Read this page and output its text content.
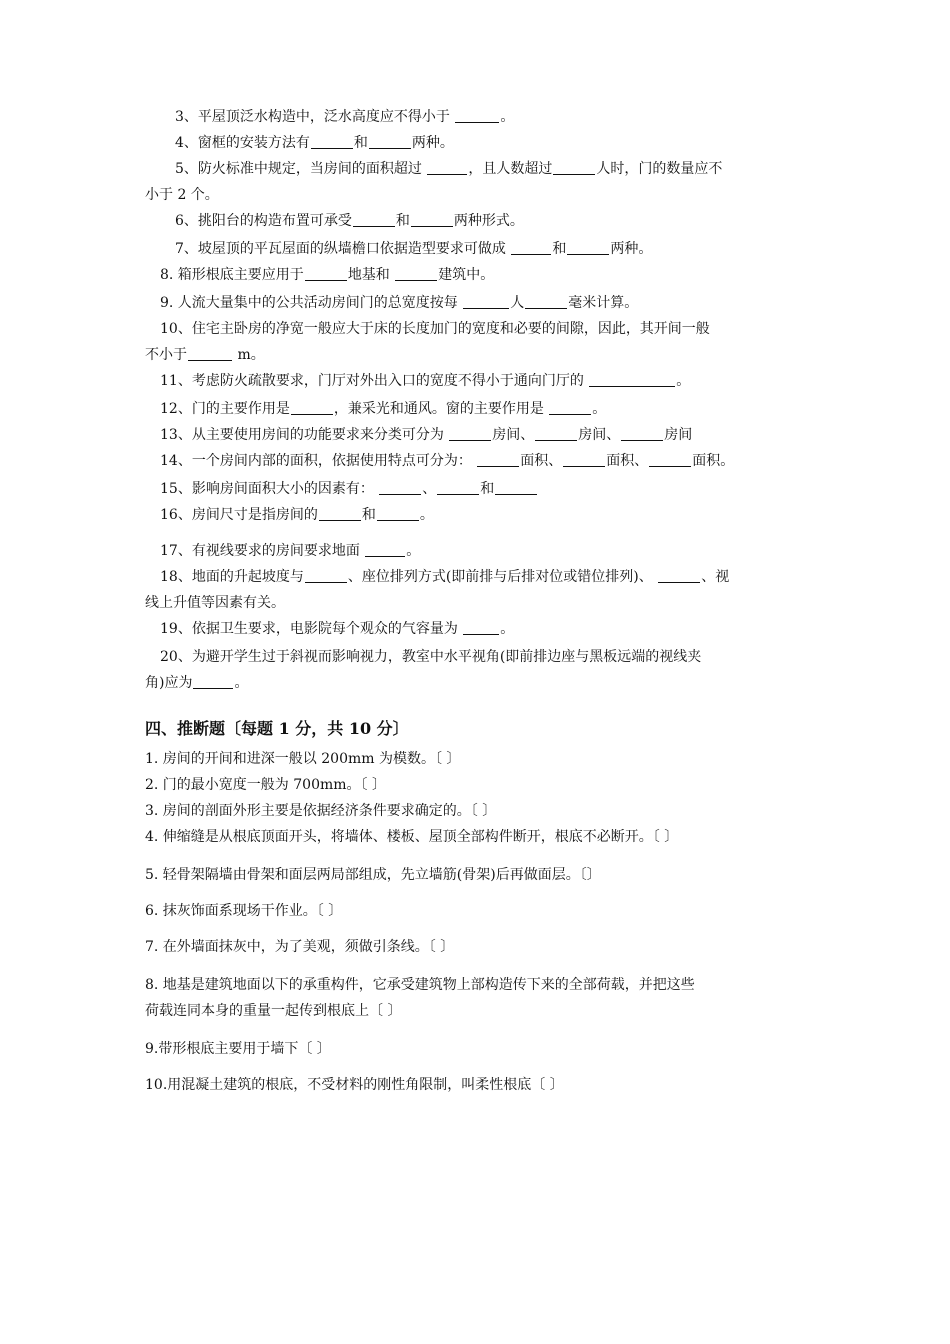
3、平屋顶泛水构造中，泛水高度应不得小于	。
4、窗框的安装方法有	和	两种。
5、防火标准中规定，当房间的面积超过	，且人数超过	人时，门的数量应不
小于 2 个。
6、挑阳台的构造布置可承受	和	两种形式。
7、坡屋顶的平瓦屋面的纵墙檐口依据造型要求可做成	和	两种。
8. 箱形根底主要应用于	地基和	建筑中。
9. 人流大量集中的公共活动房间门的总宽度按每	人	毫米计算。
10、住宅主卧房的净宽一般应大于床的长度加门的宽度和必要的间隙，因此，其开间一般
不小于	m。
11、考虑防火疏散要求，门厅对外出入口的宽度不得小于通向门厅的	。
12、门的主要作用是	，兼采光和通风。窗的主要作用是	。
13、从主要使用房间的功能要求来分类可分为	房间、	房间、	房间
14、一个房间内部的面积，依据使用特点可分为：	面积、	面积、	面积。
15、影响房间面积大小的因素有：	、	和
16、房间尺寸是指房间的	和	。
17、有视线要求的房间要求地面	。
18、地面的升起坡度与	、座位排列方式(即前排与后排对位或错位排列)、	、视
线上升值等因素有关。
19、依据卫生要求，电影院每个观众的气容量为	。
20、为避开学生过于斜视而影响视力，教室中水平视角(即前排边座与黑板远端的视线夹
角)应为	。
四、推断题〔每题 1 分，共 10 分〕
1. 房间的开间和进深一般以 200mm 为模数。〔 〕
2. 门的最小宽度一般为 700mm。〔 〕
3. 房间的剖面外形主要是依据经济条件要求确定的。〔 〕
4. 伸缩缝是从根底顶面开头，将墙体、楼板、屋顶全部构件断开，根底不必断开。〔 〕
5. 轻骨架隔墙由骨架和面层两局部组成，先立墙筋(骨架)后再做面层。〔〕
6. 抹灰饰面系现场干作业。〔 〕
7. 在外墙面抹灰中，为了美观，须做引条线。〔 〕
8. 地基是建筑地面以下的承重构件，它承受建筑物上部构造传下来的全部荷载，并把这些
荷载连同本身的重量一起传到根底上〔 〕
9.带形根底主要用于墙下〔 〕
10.用混凝土建筑的根底，不受材料的刚性角限制，叫柔性根底〔 〕
